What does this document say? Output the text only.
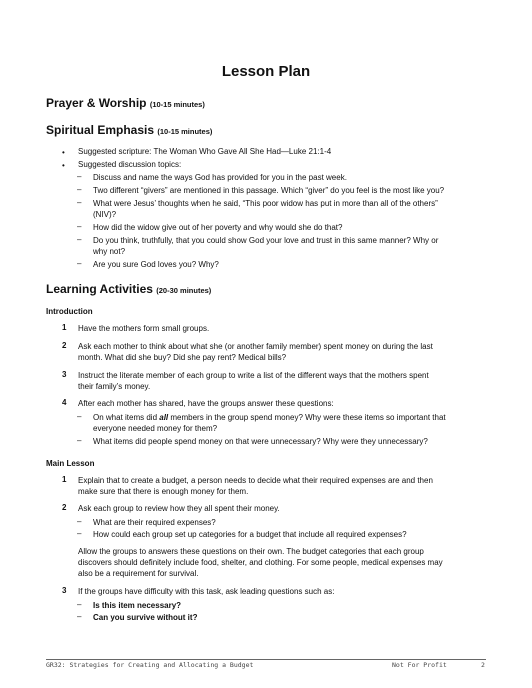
Lesson Plan
Prayer & Worship (10-15 minutes)
Spiritual Emphasis (10-15 minutes)
• Suggested scripture: The Woman Who Gave All She Had—Luke 21:1-4
• Suggested discussion topics:
– Discuss and name the ways God has provided for you in the past week.
– Two different “givers” are mentioned in this passage. Which “giver” do you feel is the most like you?
– What were Jesus’ thoughts when he said, “This poor widow has put in more than all of the others”
(NIV)?
– How did the widow give out of her poverty and why would she do that?
– Do you think, truthfully, that you could show God your love and trust in this same manner? Why or
why not?
– Are you sure God loves you? Why?
Learning Activities (20-30 minutes)
Introduction
1 Have the mothers form small groups.
2 Ask each mother to think about what she (or another family member) spent money on during the last
month. What did she buy? Did she pay rent? Medical bills?
3 Instruct the literate member of each group to write a list of the different ways that the mothers spent
their family’s money.
4 After each mother has shared, have the groups answer these questions:
– On what items did all members in the group spend money? Why were these items so important that
everyone needed money for them?
– What items did people spend money on that were unnecessary? Why were they unnecessary?
Main Lesson
1 Explain that to create a budget, a person needs to decide what their required expenses are and then
make sure that there is enough money for them.
2 Ask each group to review how they all spent their money.
– What are their required expenses?
– How could each group set up categories for a budget that include all required expenses?
Allow the groups to answers these questions on their own. The budget categories that each group
discovers should definitely include food, shelter, and clothing. For some people, medical expenses may
also be a requirement for survival.
3 If the groups have difficulty with this task, ask leading questions such as:
– Is this item necessary?
– Can you survive without it?
GR32: Strategies for Creating and Allocating a Budget	Not For Profit	2
